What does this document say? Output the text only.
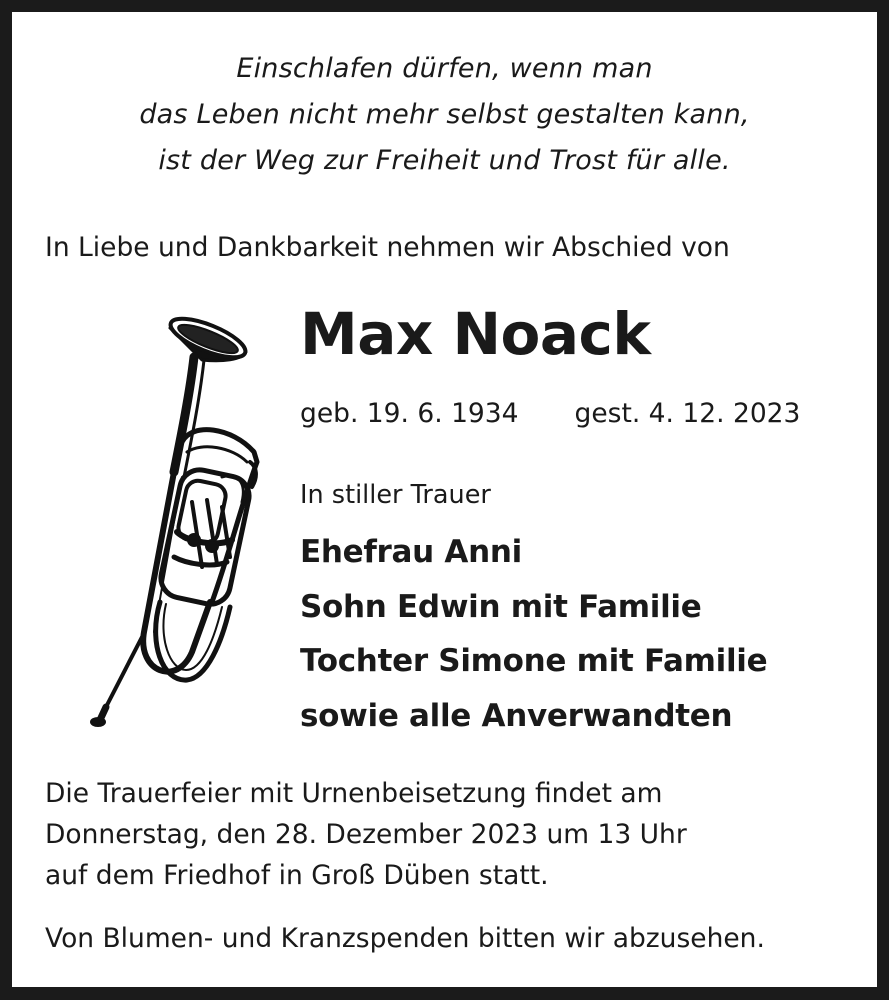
Einschlafen dürfen, wenn man
das Leben nicht mehr selbst gestalten kann,
ist der Weg zur Freiheit und Trost für alle.
In Liebe und Dankbarkeit nehmen wir Abschied von
Max Noack
geb. 19. 6. 1934 gest. 4. 12. 2023
In stiller Trauer
Ehefrau Anni
Sohn Edwin mit Familie
Tochter Simone mit Familie
sowie alle Anverwandten
Die Trauerfeier mit Urnenbeisetzung findet am
Donnerstag, den 28. Dezember 2023 um 13 Uhr
auf dem Friedhof in Groß Düben statt.
Von Blumen- und Kranzspenden bitten wir abzusehen.
